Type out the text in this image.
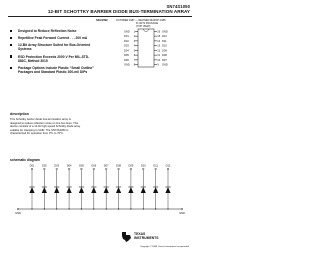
SN74S1050
12-BIT SCHOTTKY BARRIER DIODE BUS-TERMINATION ARRAY
SDLS092	OCTOBER 1987 — REVISED MARCH 1988
Designed to Reduce Reflection Noise
Repetitive Peak Forward Current . . . 200 mA
12-Bit Array Structure Suited for Bus-Oriented Systems
ESD Protection Exceeds 2000 V Per MIL-STD-883C, Method 3015
Package Options Include Plastic “Small Outline” Packages and Standard Plastic 300-mil DIPs
D OR N PACKAGE
(TOP VIEW)
GND 1
D01 2
D02 3
D03 4
D04 5
D05 6
D06 7
GND 8
16 GND
15 D12
14 D11
13 D10
12 D09
11 D08
10 D07
9 GND
description

This Schottky barrier diode bus-termination array is designed to reduce reflection noise on line bus lines. This device consists of a 12-bit high-speed Schottky diode array suitable for clamping to GND. The SN74S1050 is characterized for operation from 0°C to 70°C.

schematic diagram
D01	D02	D03	D04	D05	D06	D07	D08	D09	D10	D11	D12
GND	GND
TEXAS
INSTRUMENTS
Copyright © 1988, Texas Instruments Incorporated
